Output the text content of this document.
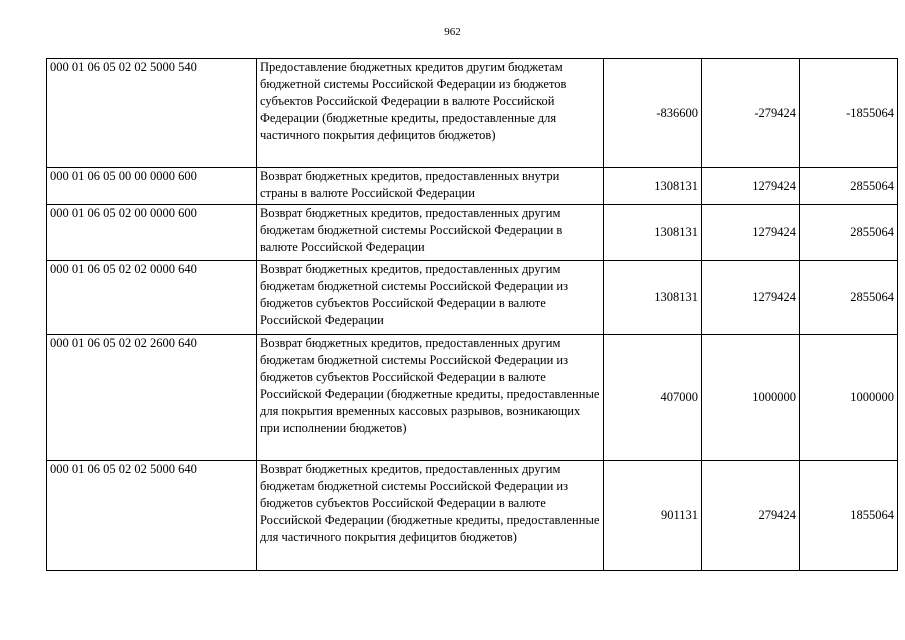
962
000 01 06 05 02 02 5000 540	Предоставление бюджетных кредитов другим бюджетам бюджетной системы Российской Федерации из бюджетов субъектов Российской Федерации в валюте Российской Федерации (бюджетные кредиты, предоставленные для частичного покрытия дефицитов бюджетов)	-836600	-279424	-1855064
000 01 06 05 00 00 0000 600	Возврат бюджетных кредитов, предоставленных внутри страны в валюте Российской Федерации	1308131	1279424	2855064
000 01 06 05 02 00 0000 600	Возврат бюджетных кредитов, предоставленных другим бюджетам бюджетной системы Российской Федерации в валюте Российской Федерации	1308131	1279424	2855064
000 01 06 05 02 02 0000 640	Возврат бюджетных кредитов, предоставленных другим бюджетам бюджетной системы Российской Федерации из бюджетов субъектов Российской Федерации в валюте Российской Федерации	1308131	1279424	2855064
000 01 06 05 02 02 2600 640	Возврат бюджетных кредитов, предоставленных другим бюджетам бюджетной системы Российской Федерации из бюджетов субъектов Российской Федерации в валюте Российской Федерации (бюджетные кредиты, предоставленные для покрытия временных кассовых разрывов, возникающих при исполнении бюджетов)	407000	1000000	1000000
000 01 06 05 02 02 5000 640	Возврат бюджетных кредитов, предоставленных другим бюджетам бюджетной системы Российской Федерации из бюджетов субъектов Российской Федерации в валюте Российской Федерации (бюджетные кредиты, предоставленные для частичного покрытия дефицитов бюджетов)	901131	279424	1855064
